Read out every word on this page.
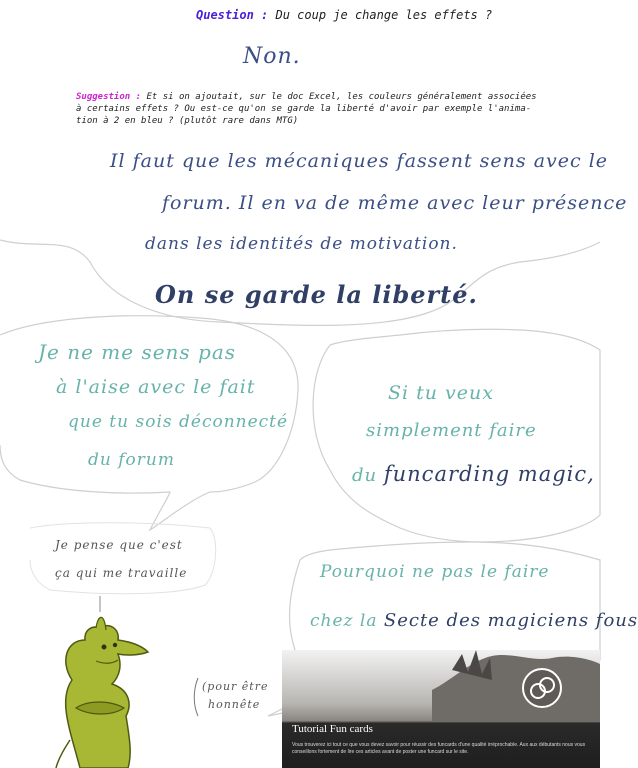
Question : Du coup je change les effets ?
Non.
Suggestion : Et si on ajoutait, sur le doc Excel, les couleurs généralement associées
à certains effets ? Ou est-ce qu'on se garde la liberté d'avoir par exemple l'anima-
tion à 2 en bleu ? (plutôt rare dans MTG)
Il faut que les mécaniques fassent sens avec le
forum. Il en va de même avec leur présence
dans les identités de motivation.
On se garde la liberté.
Je ne me sens pas
à l'aise avec le fait
que tu sois déconnecté
du forum
Si tu veux
simplement faire
du funcarding magic,
Je pense que c'est
ça qui me travaille	Pourquoi ne pas le faire
chez la Secte des magiciens fous
(pour être
honnête
Tutorial Fun cards
Vous trouverez ici tout ce que vous devez savoir pour réussir des funcards d'une qualité irréprochable. Aux aux débutants nous vous conseillons fortement de lire ces articles avant de poster une funcard sur le site.
